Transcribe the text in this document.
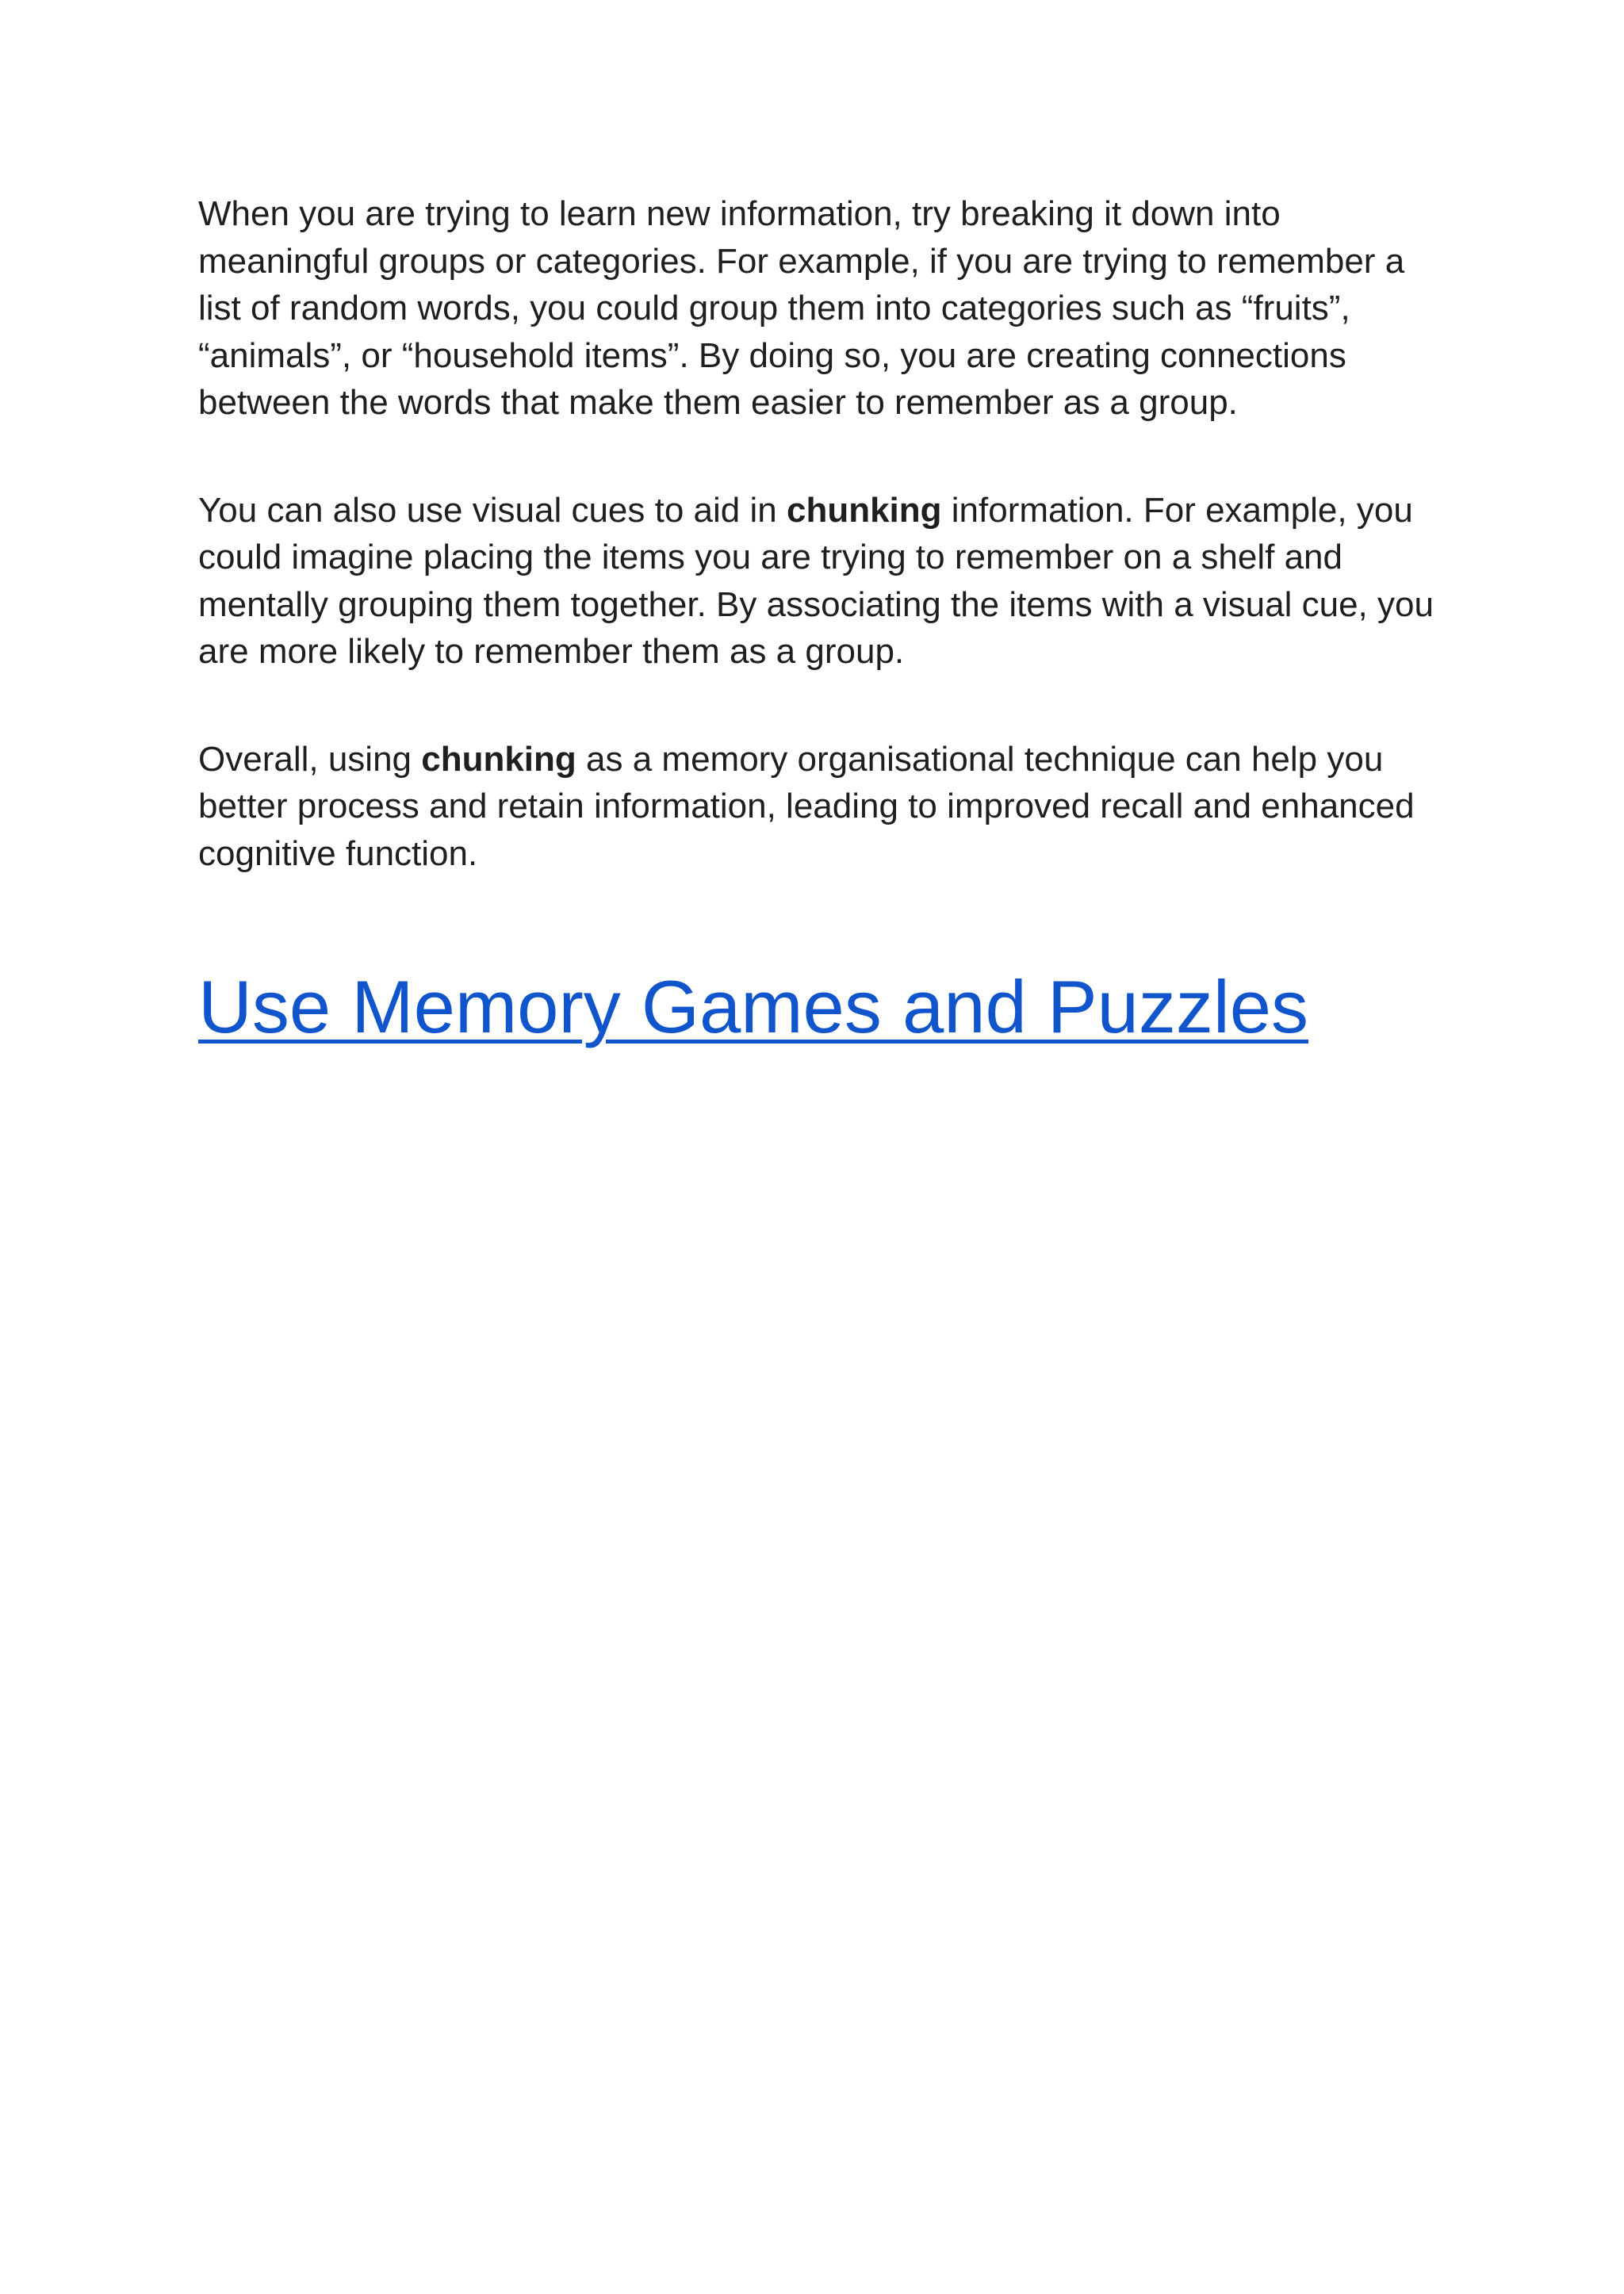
When you are trying to learn new information, try breaking it down into meaningful groups or categories. For example, if you are trying to remember a list of random words, you could group them into categories such as “fruits”, “animals”, or “household items”. By doing so, you are creating connections between the words that make them easier to remember as a group.

You can also use visual cues to aid in chunking information. For example, you could imagine placing the items you are trying to remember on a shelf and mentally grouping them together. By associating the items with a visual cue, you are more likely to remember them as a group.

Overall, using chunking as a memory organisational technique can help you better process and retain information, leading to improved recall and enhanced cognitive function.

Use Memory Games and Puzzles
